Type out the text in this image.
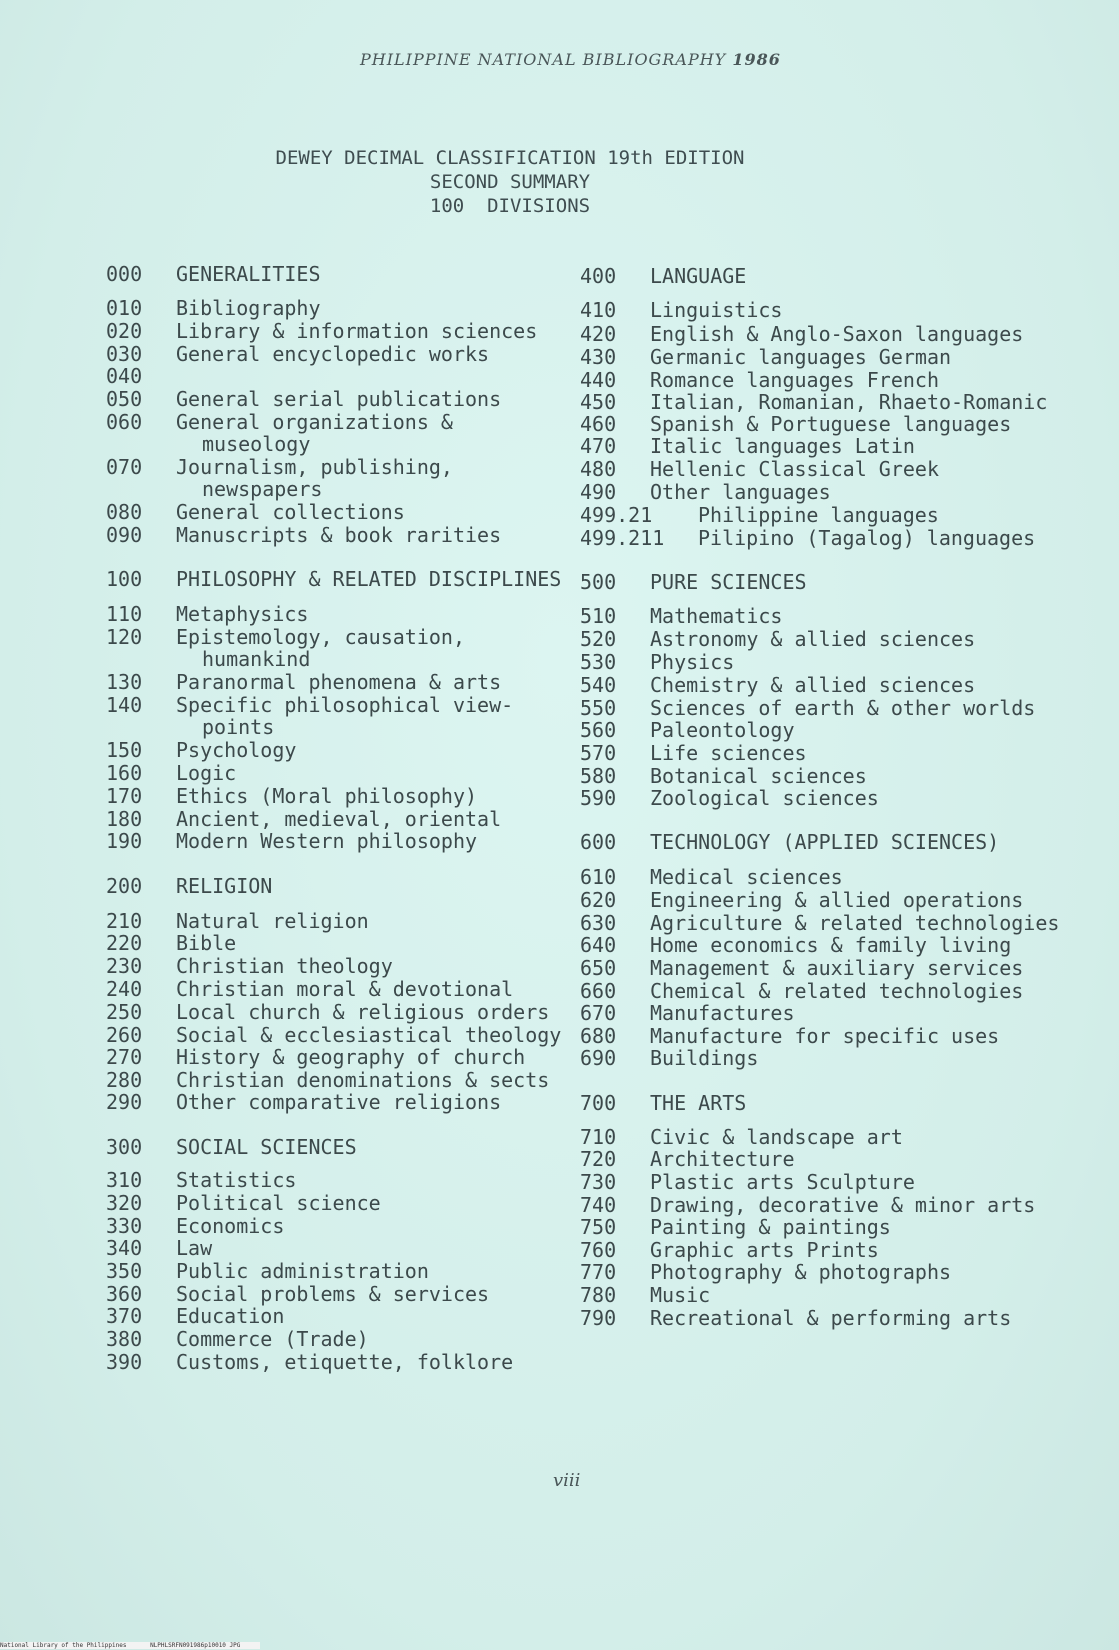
PHILIPPINE NATIONAL BIBLIOGRAPHY 1986
DEWEY DECIMAL CLASSIFICATION 19th EDITION
SECOND SUMMARY
100  DIVISIONS
000	GENERALITIES
010	Bibliography
020	Library & information sciences
030	General encyclopedic works
040
050	General serial publications
060	General organizations &
museology
070	Journalism, publishing,
newspapers
080	General collections
090	Manuscripts & book rarities
100	PHILOSOPHY & RELATED DISCIPLINES
110	Metaphysics
120	Epistemology, causation,
humankind
130	Paranormal phenomena & arts
140	Specific philosophical view-
points
150	Psychology
160	Logic
170	Ethics (Moral philosophy)
180	Ancient, medieval, oriental
190	Modern Western philosophy
200	RELIGION
210	Natural religion
220	Bible
230	Christian theology
240	Christian moral & devotional
250	Local church & religious orders
260	Social & ecclesiastical theology
270	History & geography of church
280	Christian denominations & sects
290	Other comparative religions
300	SOCIAL SCIENCES
310	Statistics
320	Political science
330	Economics
340	Law
350	Public administration
360	Social problems & services
370	Education
380	Commerce (Trade)
390	Customs, etiquette, folklore
400	LANGUAGE
410	Linguistics
420	English & Anglo-Saxon languages
430	Germanic languages German
440	Romance languages French
450	Italian, Romanian, Rhaeto-Romanic
460	Spanish & Portuguese languages
470	Italic languages Latin
480	Hellenic Classical Greek
490	Other languages
499.21 Philippine languages
499.211 Pilipino (Tagalog) languages
500	PURE SCIENCES
510	Mathematics
520	Astronomy & allied sciences
530	Physics
540	Chemistry & allied sciences
550	Sciences of earth & other worlds
560	Paleontology
570	Life sciences
580	Botanical sciences
590	Zoological sciences
600	TECHNOLOGY (APPLIED SCIENCES)
610	Medical sciences
620	Engineering & allied operations
630	Agriculture & related technologies
640	Home economics & family living
650	Management & auxiliary services
660	Chemical & related technologies
670	Manufactures
680	Manufacture for specific uses
690	Buildings
700	THE ARTS
710	Civic & landscape art
720	Architecture
730	Plastic arts Sculpture
740	Drawing, decorative & minor arts
750	Painting & paintings
760	Graphic arts Prints
770	Photography & photographs
780	Music
790	Recreational & performing arts
viii
National Library of the Philippines	NLPHLSRFN091986p10010 JPG
